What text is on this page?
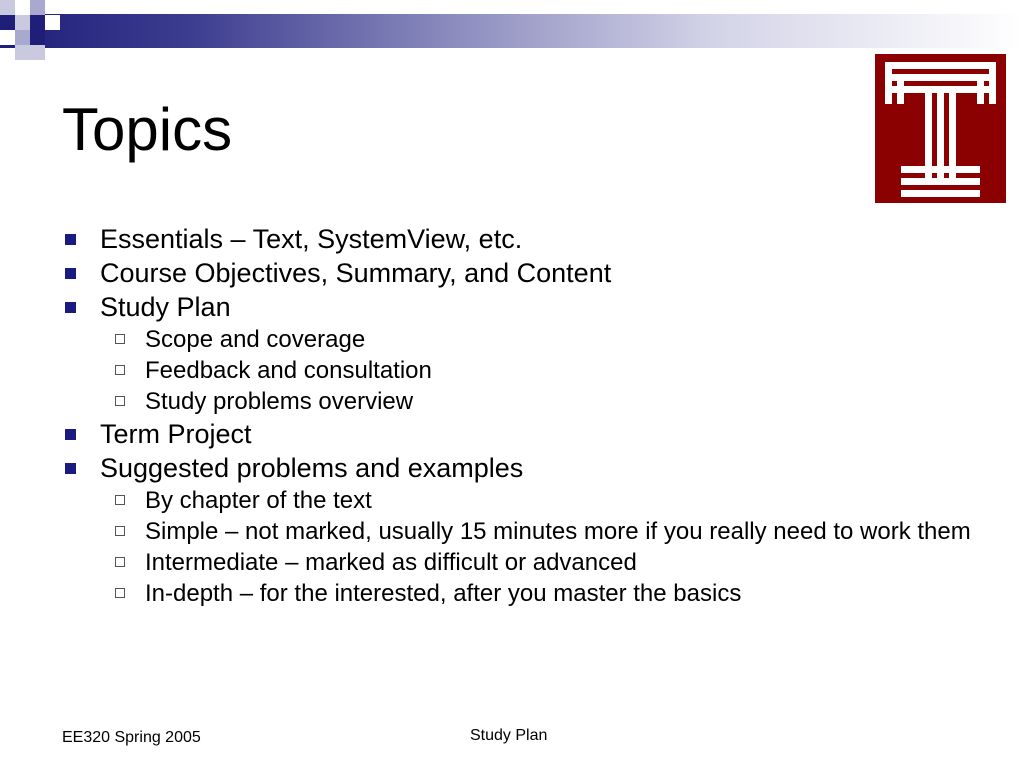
Topics
Essentials – Text, SystemView, etc.
Course Objectives, Summary, and Content
Study Plan
Scope and coverage
Feedback and consultation
Study problems overview
Term Project
Suggested problems and examples
By chapter of the text
Simple – not marked, usually 15 minutes more if you really need to work them
Intermediate – marked as difficult or advanced
In-depth – for the interested, after you master the basics
EE320 Spring 2005	Study Plan
